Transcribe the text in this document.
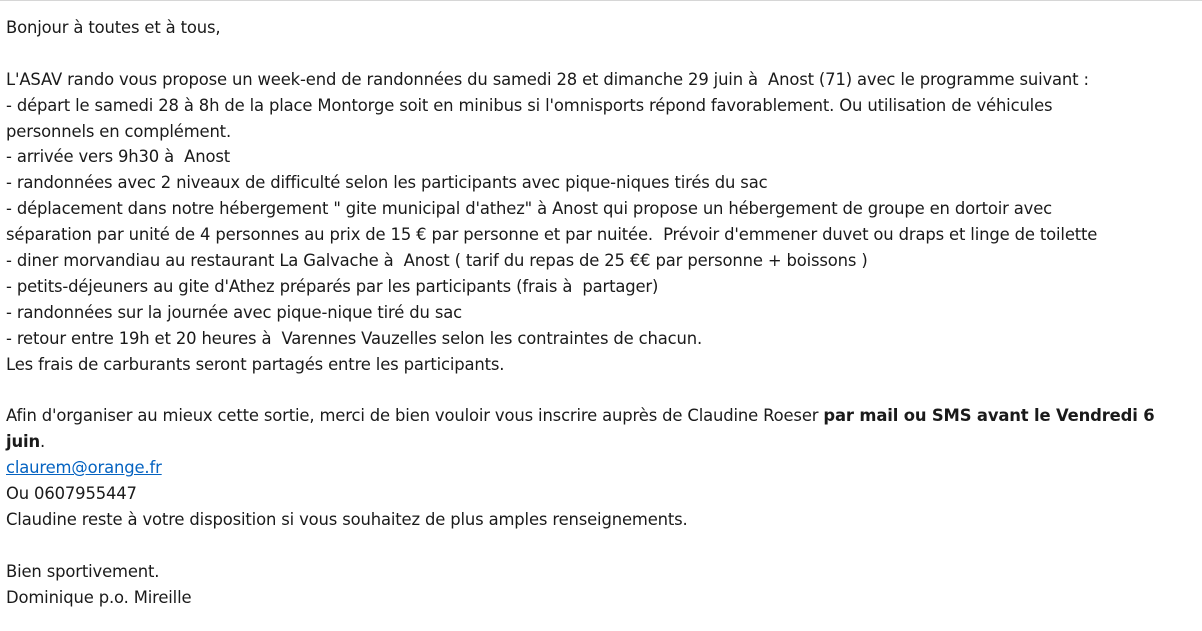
Bonjour à toutes et à tous,
L'ASAV rando vous propose un week-end de randonnées du samedi 28 et dimanche 29 juin à  Anost (71) avec le programme suivant :
- départ le samedi 28 à 8h de la place Montorge soit en minibus si l'omnisports répond favorablement. Ou utilisation de véhicules
personnels en complément.
- arrivée vers 9h30 à  Anost
- randonnées avec 2 niveaux de difficulté selon les participants avec pique-niques tirés du sac
- déplacement dans notre hébergement " gite municipal d'athez" à Anost qui propose un hébergement de groupe en dortoir avec
séparation par unité de 4 personnes au prix de 15 € par personne et par nuitée.  Prévoir d'emmener duvet ou draps et linge de toilette
- diner morvandiau au restaurant La Galvache à  Anost ( tarif du repas de 25 €€ par personne + boissons )
- petits-déjeuners au gite d'Athez préparés par les participants (frais à  partager)
- randonnées sur la journée avec pique-nique tiré du sac
- retour entre 19h et 20 heures à  Varennes Vauzelles selon les contraintes de chacun.
Les frais de carburants seront partagés entre les participants.
Afin d'organiser au mieux cette sortie, merci de bien vouloir vous inscrire auprès de Claudine Roeser par mail ou SMS avant le Vendredi 6
juin.
claurem@orange.fr
Ou 0607955447
Claudine reste à votre disposition si vous souhaitez de plus amples renseignements.
Bien sportivement.
Dominique p.o. Mireille
